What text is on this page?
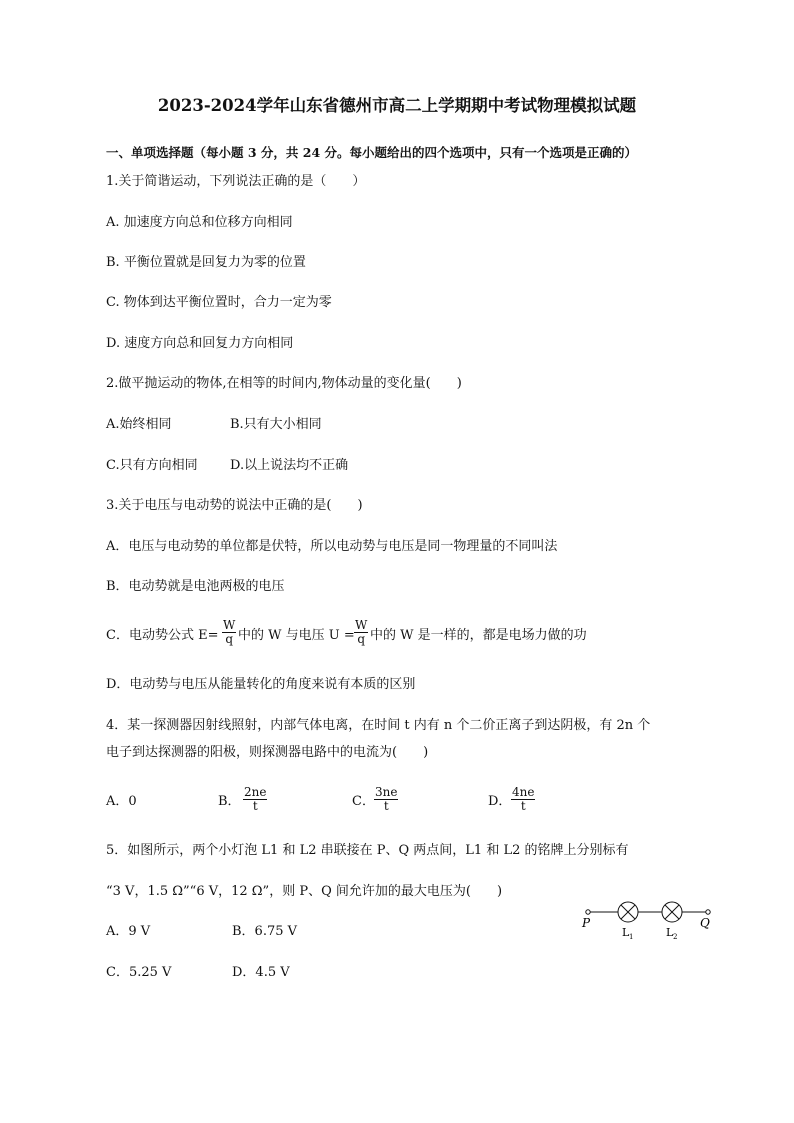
2023-2024学年山东省德州市高二上学期期中考试物理模拟试题
一、单项选择题（每小题 3 分，共 24 分。每小题给出的四个选项中，只有一个选项是正确的）
1.关于简谐运动，下列说法正确的是（　　）
A. 加速度方向总和位移方向相同
B. 平衡位置就是回复力为零的位置
C. 物体到达平衡位置时，合力一定为零
D. 速度方向总和回复力方向相同
2.做平抛运动的物体,在相等的时间内,物体动量的变化量(　　)
A.始终相同	B.只有大小相同
C.只有方向相同 D.以上说法均不正确
3.关于电压与电动势的说法中正确的是(　　)
A．电压与电动势的单位都是伏特，所以电动势与电压是同一物理量的不同叫法
B．电动势就是电池两极的电压
C．电动势公式 $E= \frac{W}{q}$ 中的 W 与电压 $U = \frac{W}{q}$ 中的 W 是一样的，都是电场力做的功
D．电动势与电压从能量转化的角度来说有本质的区别
4．某一探测器因射线照射，内部气体电离，在时间 t 内有 n 个二价正离子到达阴极，有 2n 个
电子到达探测器的阳极，则探测器电路中的电流为(　　)
A．0	B． $\frac{2ne}{t}$	C． $\frac{3ne}{t}$	D． $\frac{4ne}{t}$
5．如图所示，两个小灯泡 L1 和 L2 串联接在 P、Q 两点间，L1 和 L2 的铭牌上分别标有
“3 V，1.5 Ω”“6 V，12 Ω”，则 P、Q 间允许加的最大电压为(　　)
A．9 V	B．6.75 V
C．5.25 V	D．4.5 V
P	Q
L 1	L 2
